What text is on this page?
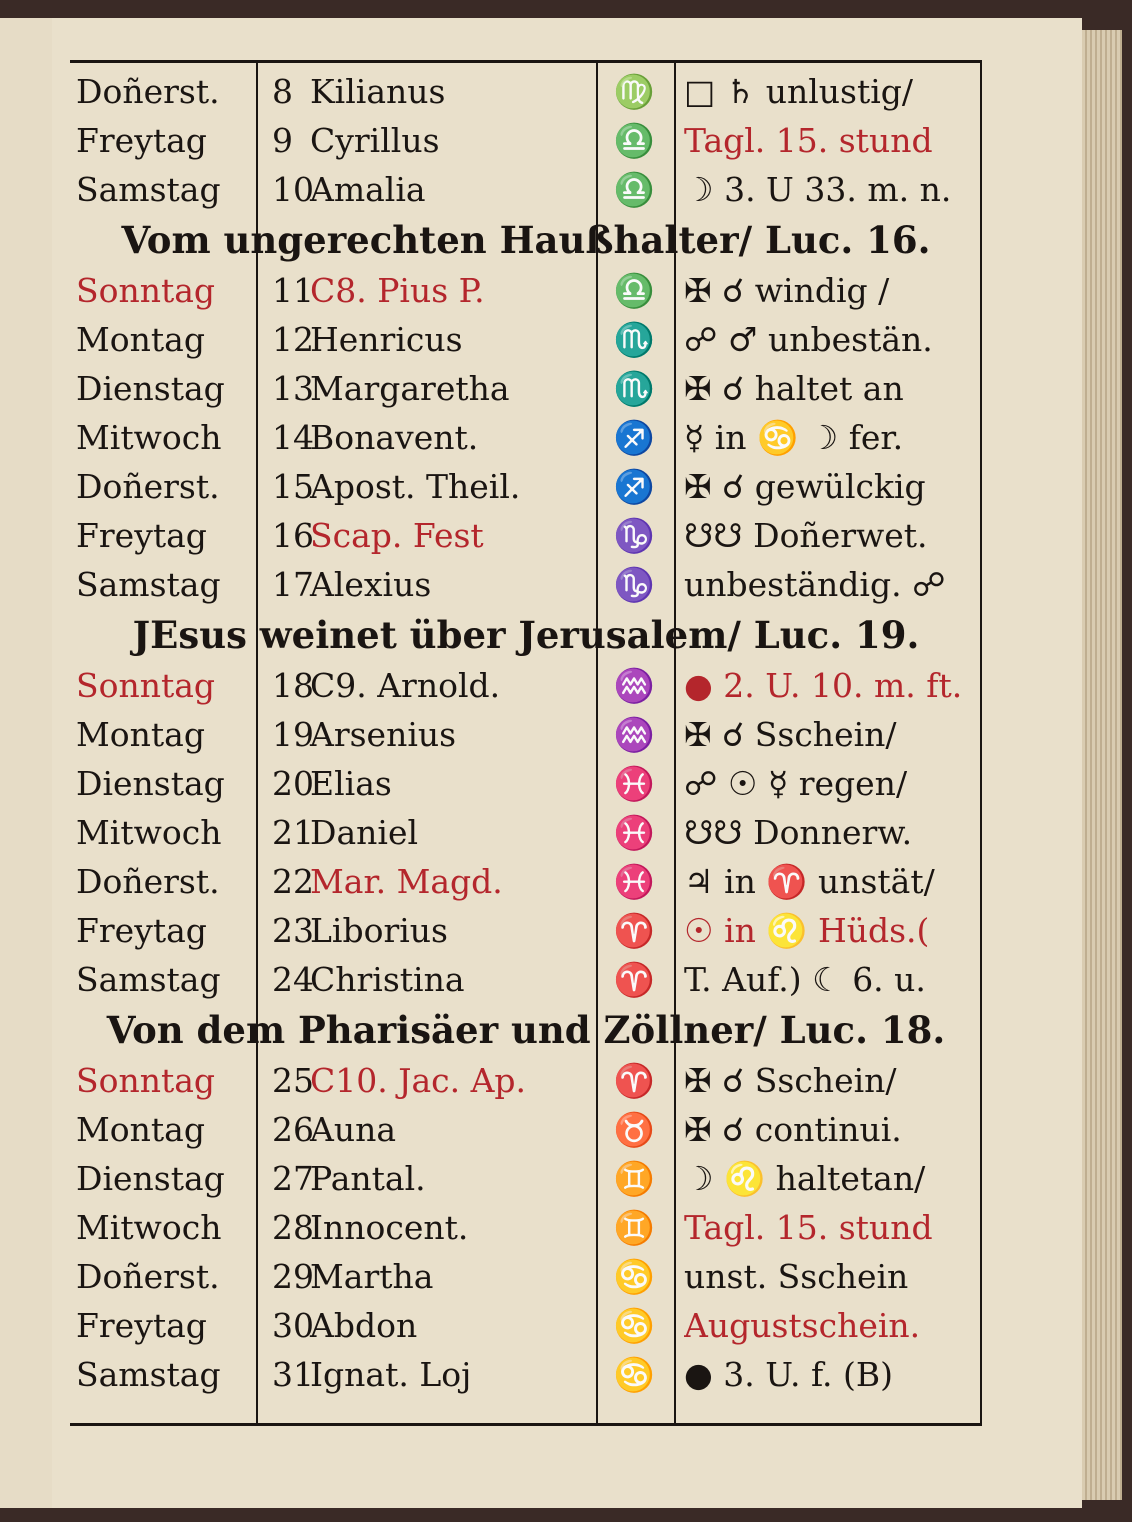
Doñerst.	8 Kilianus	♍ □ ♄ unlustig/
Freytag	9 Cyrillus	♎ Tagl. 15. stund
Samstag	10Amalia	♎ ☽ 3. U 33. m. n.
Vom ungerechten Haußhalter/ Luc. 16.
Sonntag	11C8. Pius P.	♎ ✠ ☌ windig /
Montag	12Henricus	♏ ☍ ♂ unbestän.
Dienstag	13Margaretha	♏ ✠ ☌ haltet an
Mitwoch	14Bonavent.	♐ ☿ in ♋ ☽ fer.
Doñerst.	15Apost. Theil.	♐ ✠ ☌ gewülckig
Freytag	16Scap. Fest	♑ ☋☋ Doñerwet.
Samstag	17Alexius	♑ unbeständig. ☍
JEsus weinet über Jerusalem/ Luc. 19.
Sonntag	18C9. Arnold.	♒ ● 2. U. 10. m. ft.
Montag	19Arsenius	♒ ✠ ☌ Sschein/
Dienstag	20Elias	♓ ☍ ☉ ☿ regen/
Mitwoch	21Daniel	♓ ☋☋ Donnerw.
Doñerst.	22Mar. Magd.	♓ ♃ in ♈ unstät/
Freytag	23Liborius	♈ ☉ in ♌ Hüds.(
Samstag	24Christina	♈ T. Auf.) ☾ 6. u.
Von dem Pharisäer und Zöllner/ Luc. 18.
Sonntag	25C10. Jac. Ap.	♈ ✠ ☌ Sschein/
Montag	26Auna	♉ ✠ ☌ continui.
Dienstag	27Pantal.	♊ ☽ ♌ haltetan/
Mitwoch	28Innocent.	♊ Tagl. 15. stund
Doñerst.	29Martha	♋ unst. Sschein
Freytag	30Abdon	♋ Augustschein.
Samstag	31Ignat. Loj	♋ ● 3. U. f. (B)
